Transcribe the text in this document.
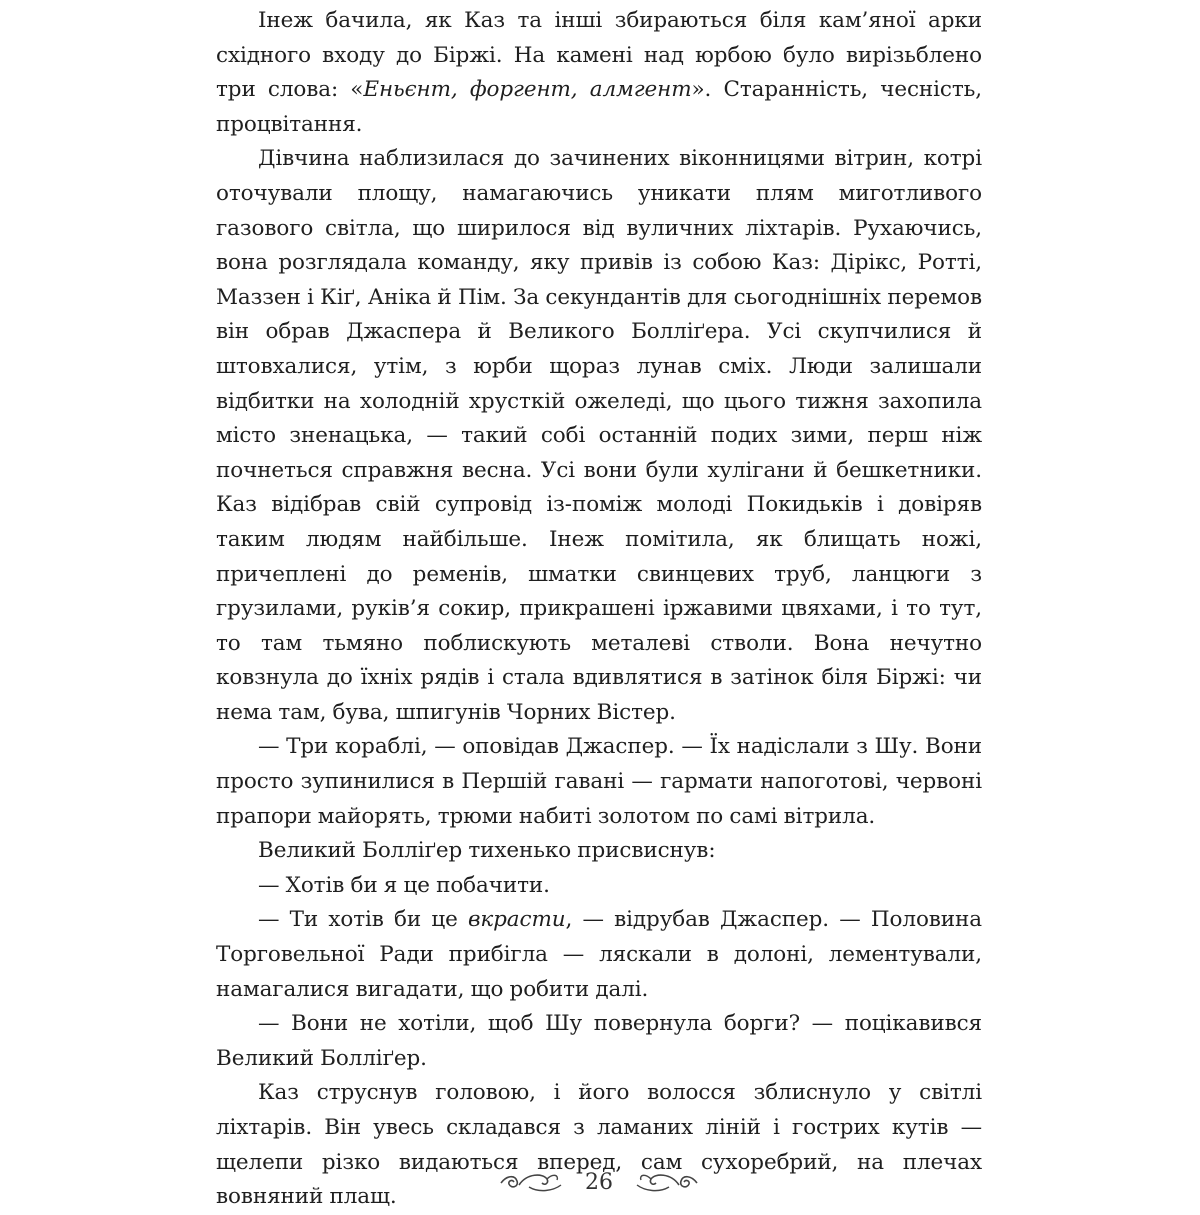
Інеж бачила, як Каз та інші збираються біля кам’яної арки східного входу до Біржі. На камені над юрбою було вирізьблено три слова: «Еньєнт, форгент, алмгент». Старанність, чесність, процвітання.

Дівчина наблизилася до зачинених віконницями вітрин, котрі оточували площу, намагаючись уникати плям миготливого газового світла, що ширилося від вуличних ліхтарів. Рухаючись, вона розглядала команду, яку привів із собою Каз: Дірікс, Роттi, Маззен і Кіґ, Аніка й Пім. За секундантів для сьогоднішніх перемов він обрав Джаспера й Великого Болліґера. Усі скупчилися й штовхалися, утім, з юрби щораз лунав сміх. Люди залишали відбитки на холодній хрусткій ожеледі, що цього тижня захопила місто зненацька, — такий собі останній подих зими, перш ніж почнеться справжня весна. Усі вони були хулігани й бешкетники. Каз відібрав свій супровід із-поміж молоді Покидьків і довіряв таким людям найбільше. Інеж помітила, як блищать ножі, причеплені до ременів, шматки свинцевих труб, ланцюги з грузилами, руків’я сокир, прикрашені іржавими цвяхами, і то тут, то там тьмяно поблискують металеві стволи. Вона нечутно ковзнула до їхніх рядів і стала вдивлятися в затінок біля Біржі: чи нема там, бува, шпигунів Чорних Вістер.

— Три кораблі, — оповідав Джаспер. — Їх надіслали з Шу. Вони просто зупинилися в Першій гавані — гармати напоготові, червоні прапори майорять, трюми набиті золотом по самі вітрила.

Великий Болліґер тихенько присвиснув:

— Хотів би я це побачити.

— Ти хотів би це вкрасти, — відрубав Джаспер. — Половина Торговельної Ради прибігла — ляскали в долоні, лементували, намагалися вигадати, що робити далі.

— Вони не хотіли, щоб Шу повернула борги? — поцікавився Великий Болліґер.

Каз струснув головою, і його волосся зблиснуло у світлі ліхтарів. Він увесь складався з ламаних ліній і гострих кутів — щелепи різко видаються вперед, сам сухоребрий, на плечах вовняний плащ.

26
